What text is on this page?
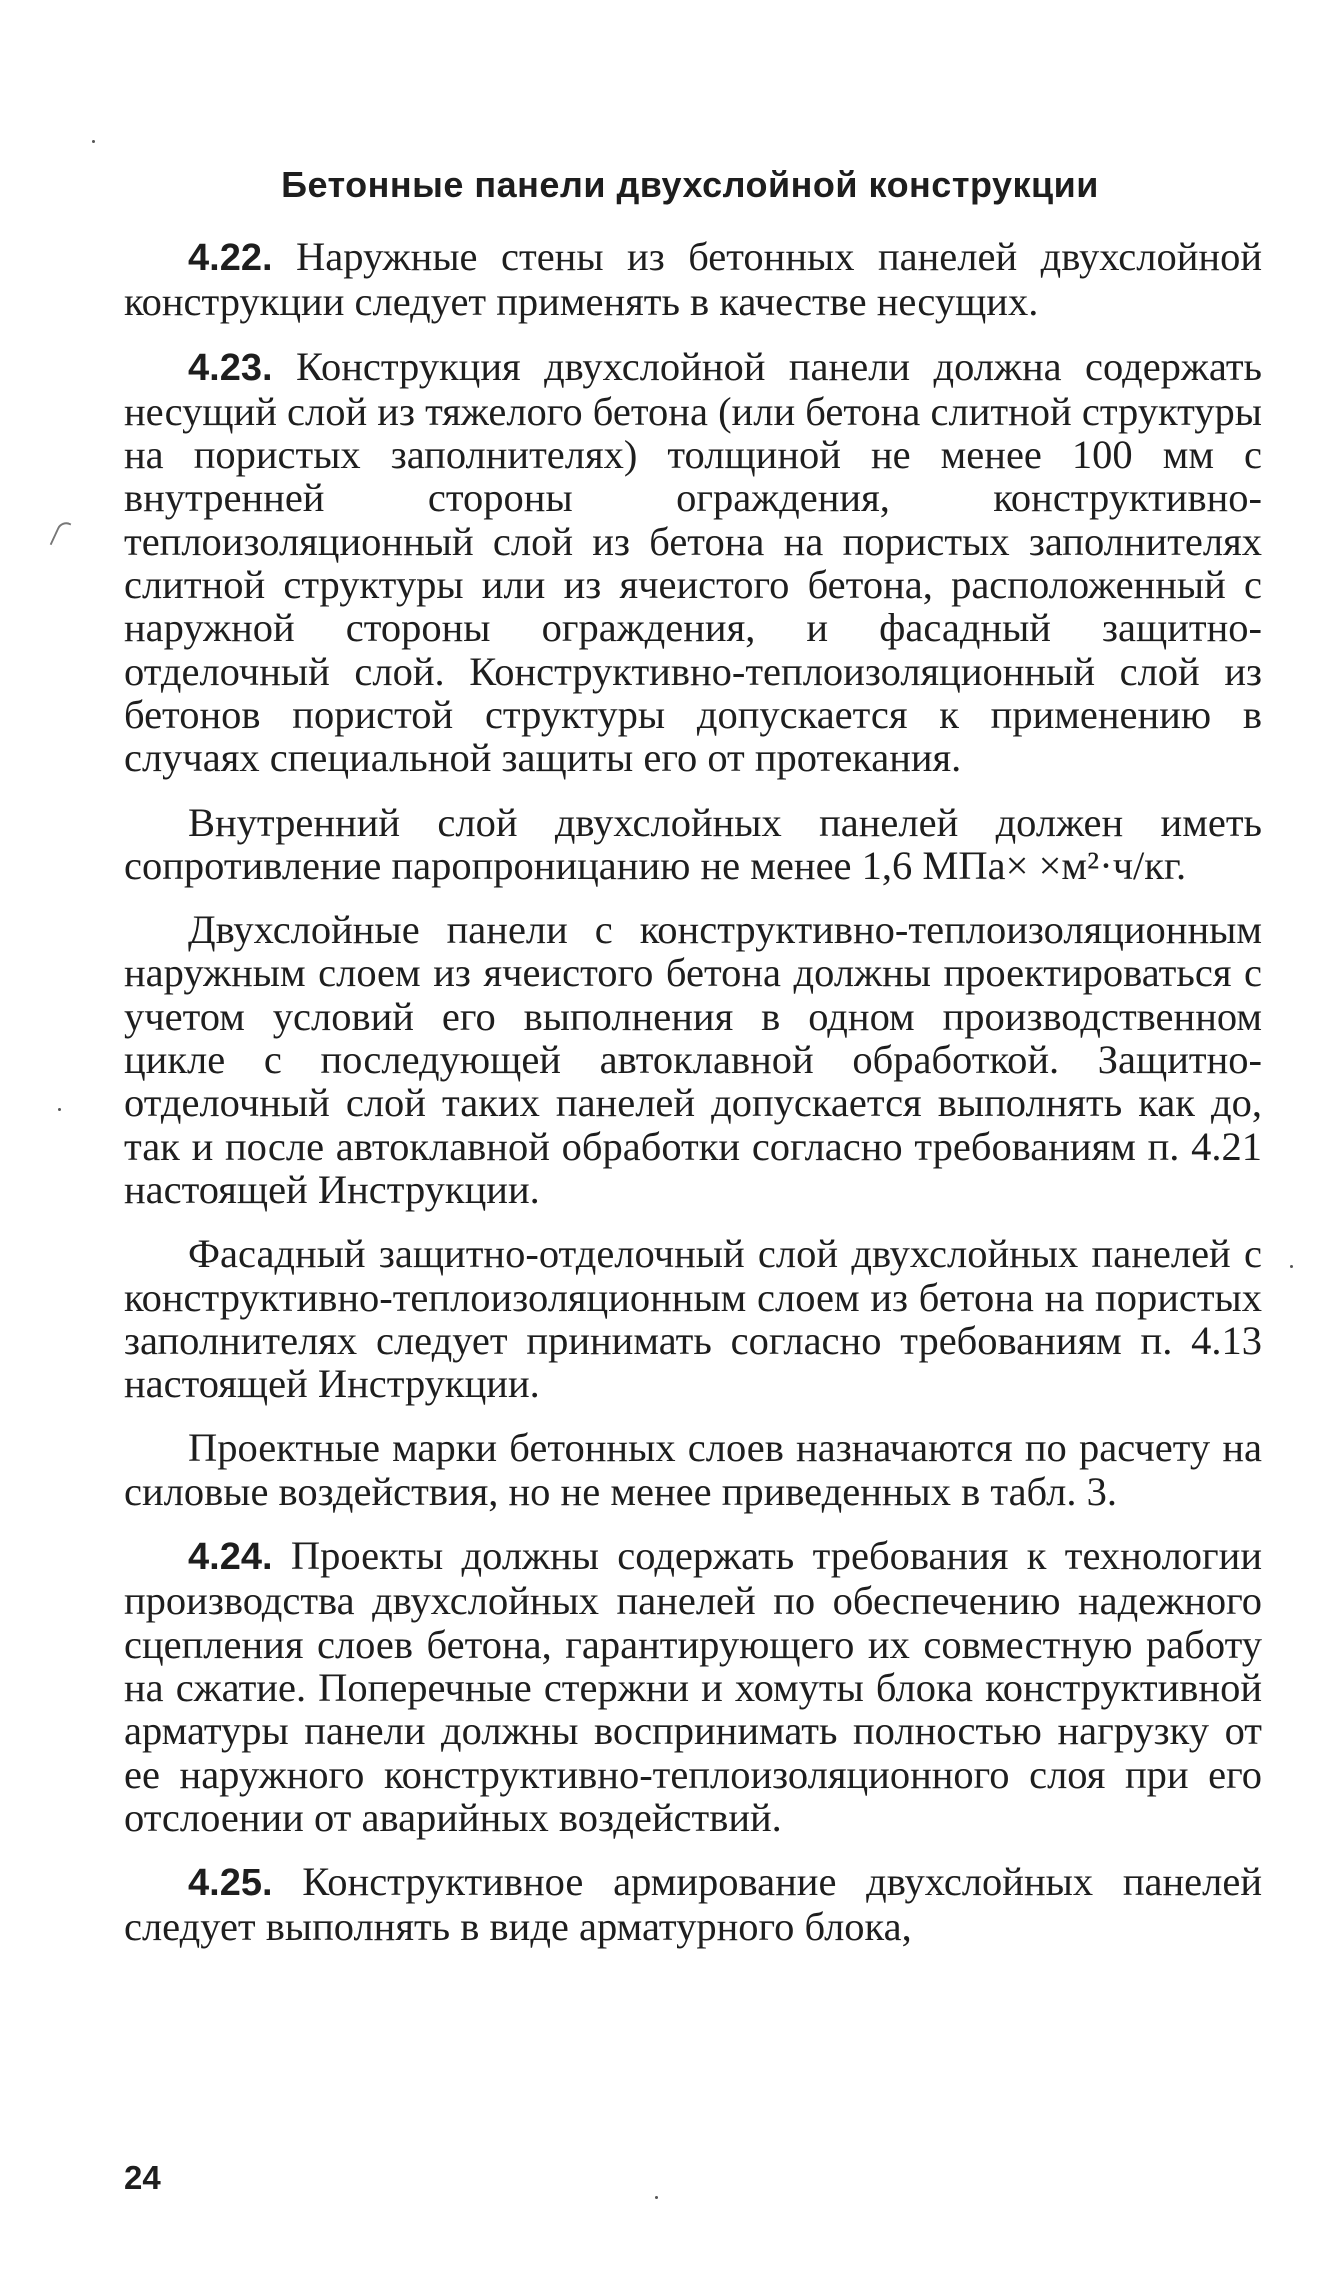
Бетонные панели двухслойной конструкции

4.22. Наружные стены из бетонных панелей двухслойной конструкции следует применять в качестве несущих.

4.23. Конструкция двухслойной панели должна содержать несущий слой из тяжелого бетона (или бетона слитной структуры на пористых заполнителях) толщиной не менее 100 мм с внутренней стороны ограждения, конструктивно-теплоизоляционный слой из бетона на пористых заполнителях слитной структуры или из ячеистого бетона, расположенный с наружной стороны ограждения, и фасадный защитно-отделочный слой. Конструктивно-теплоизоляционный слой из бетонов пористой структуры допускается к применению в случаях специальной защиты его от протекания.

Внутренний слой двухслойных панелей должен иметь сопротивление паропроницанию не менее 1,6 МПа× ×м²·ч/кг.

Двухслойные панели с конструктивно-теплоизоляционным наружным слоем из ячеистого бетона должны проектироваться с учетом условий его выполнения в одном производственном цикле с последующей автоклавной обработкой. Защитно-отделочный слой таких панелей допускается выполнять как до, так и после автоклавной обработки согласно требованиям п. 4.21 настоящей Инструкции.

Фасадный защитно-отделочный слой двухслойных панелей с конструктивно-теплоизоляционным слоем из бетона на пористых заполнителях следует принимать согласно требованиям п. 4.13 настоящей Инструкции.

Проектные марки бетонных слоев назначаются по расчету на силовые воздействия, но не менее приведенных в табл. 3.

4.24. Проекты должны содержать требования к технологии производства двухслойных панелей по обеспечению надежного сцепления слоев бетона, гарантирующего их совместную работу на сжатие. Поперечные стержни и хомуты блока конструктивной арматуры панели должны воспринимать полностью нагрузку от ее наружного конструктивно-теплоизоляционного слоя при его отслоении от аварийных воздействий.

4.25. Конструктивное армирование двухслойных панелей следует выполнять в виде арматурного блока,

24
